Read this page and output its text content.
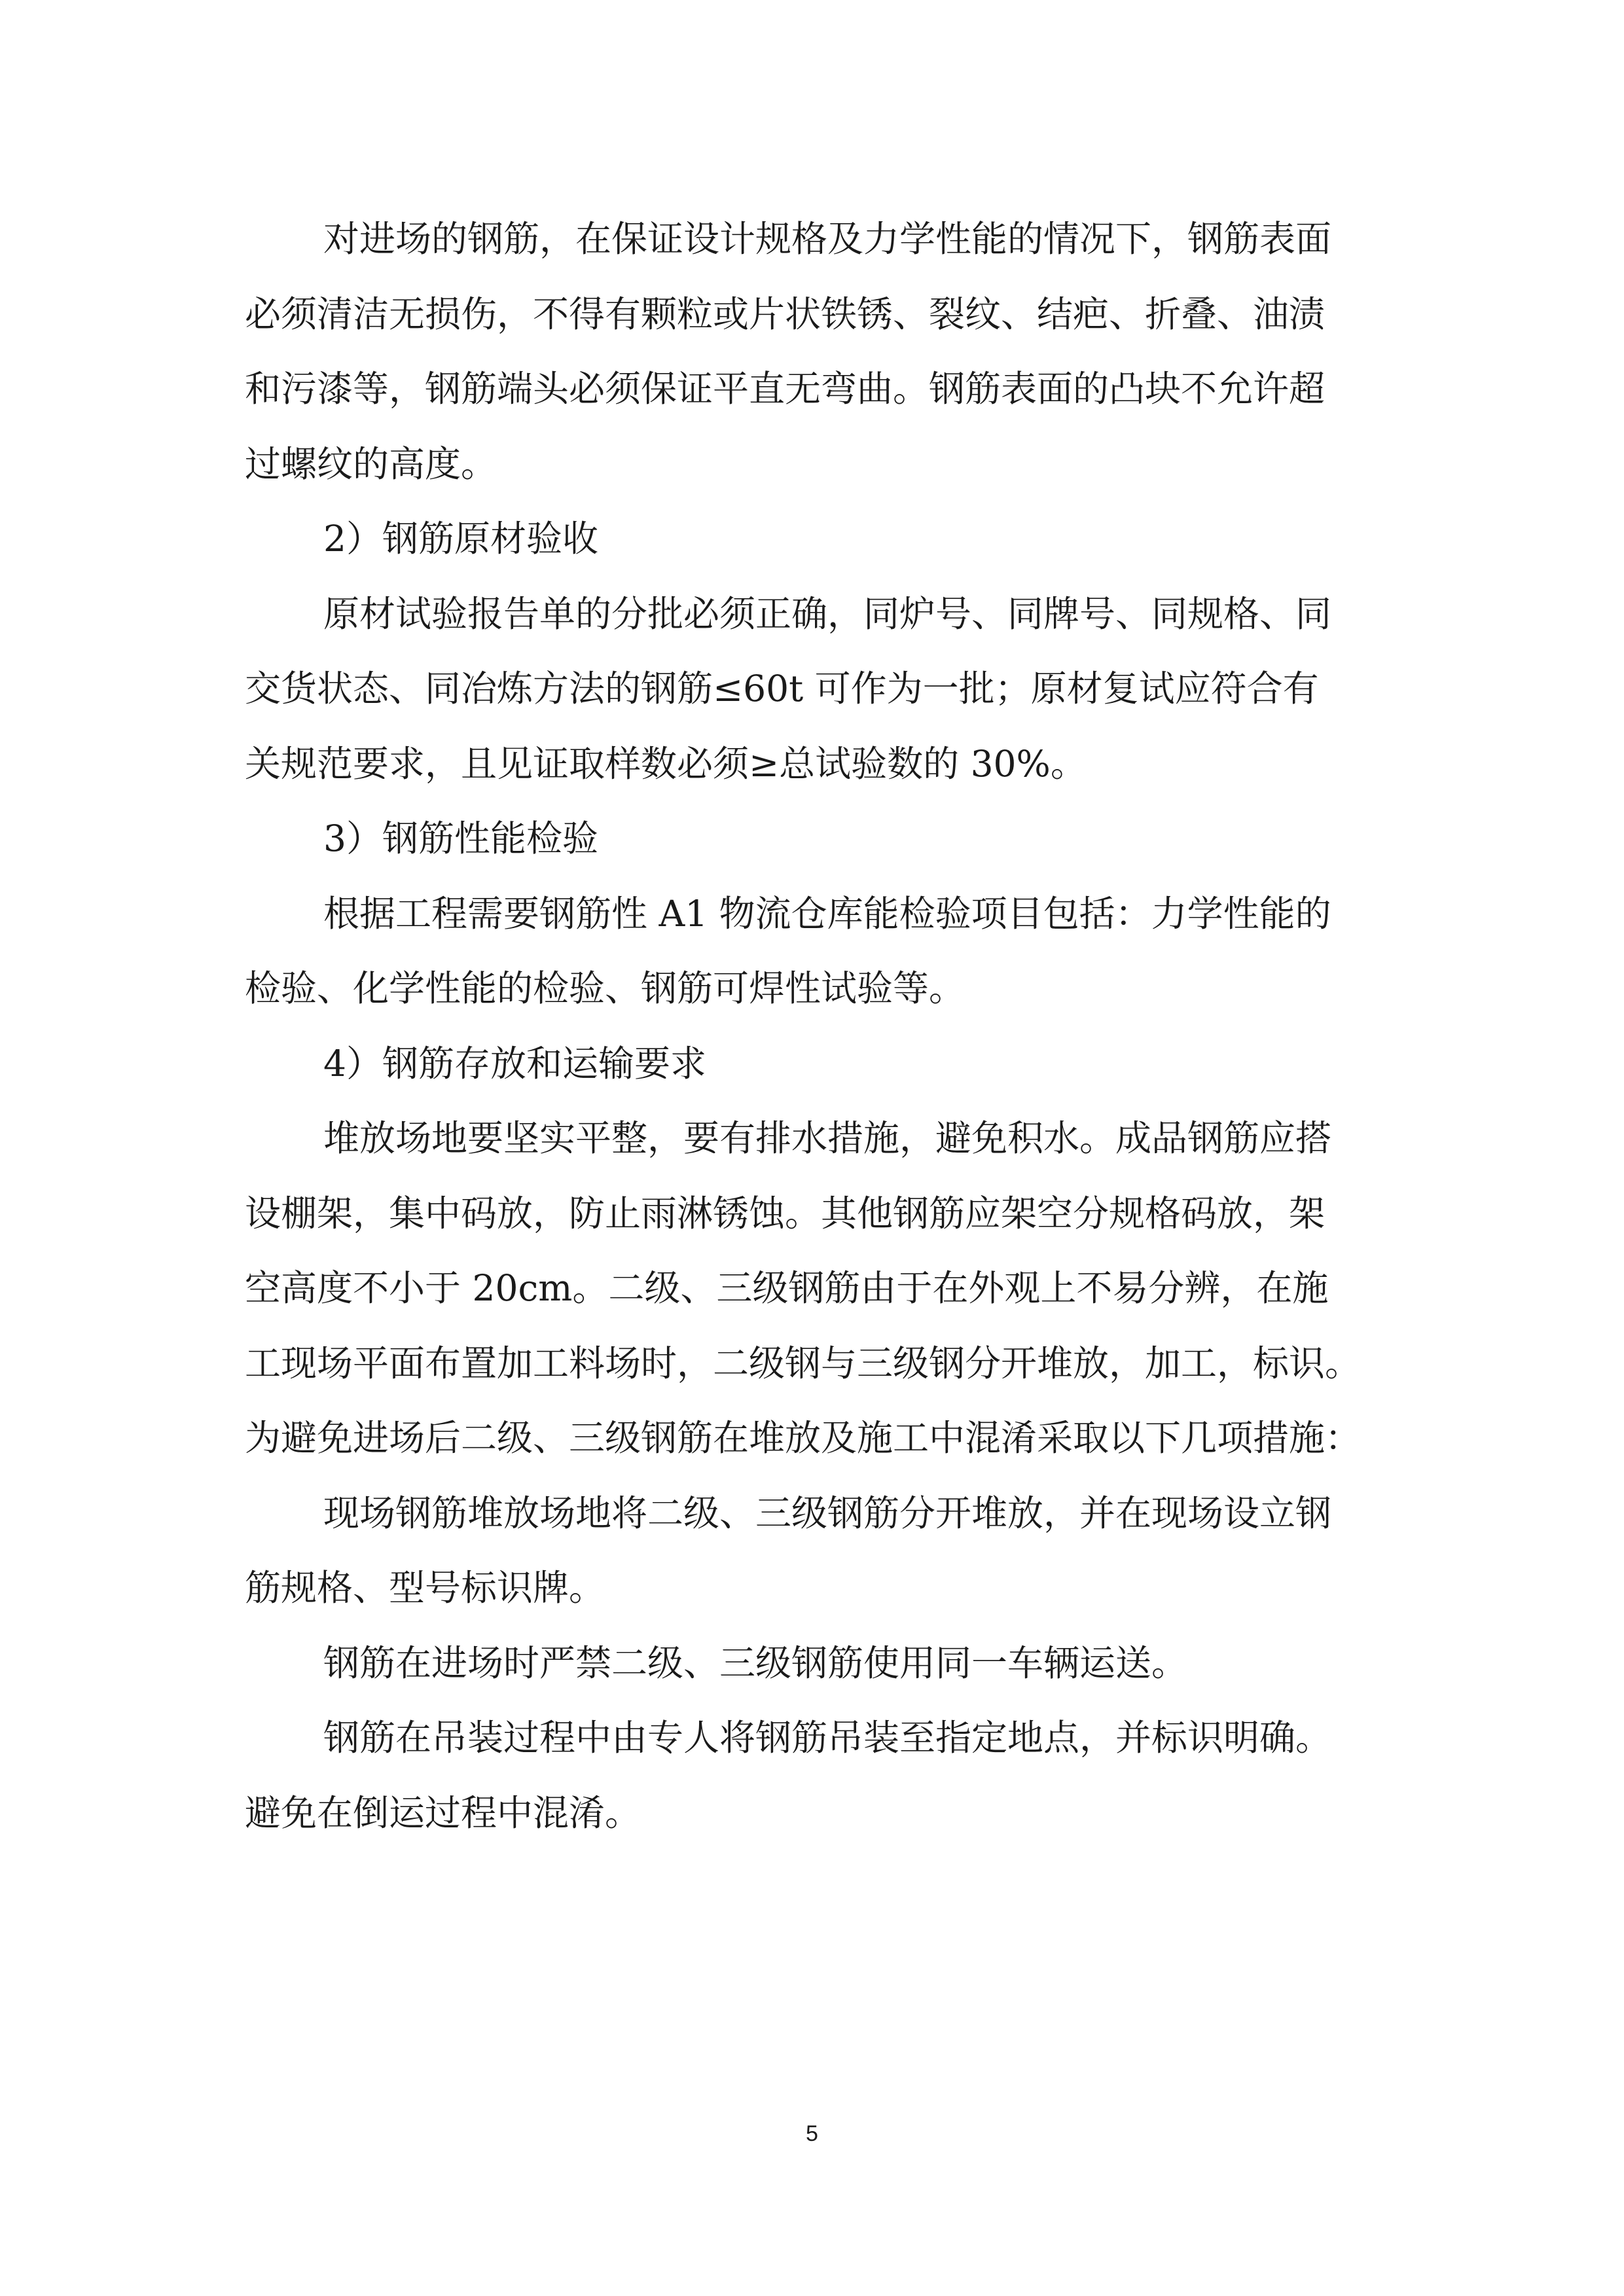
对进场的钢筋，在保证设计规格及力学性能的情况下，钢筋表面
必须清洁无损伤，不得有颗粒或片状铁锈、裂纹、结疤、折叠、油渍
和污漆等，钢筋端头必须保证平直无弯曲。钢筋表面的凸块不允许超
过螺纹的高度。
2）钢筋原材验收
原材试验报告单的分批必须正确，同炉号、同牌号、同规格、同
交货状态、同冶炼方法的钢筋≤60t 可作为一批；原材复试应符合有
关规范要求，且见证取样数必须≥总试验数的 30%。
3）钢筋性能检验
根据工程需要钢筋性 A1 物流仓库能检验项目包括：力学性能的
检验、化学性能的检验、钢筋可焊性试验等。
4）钢筋存放和运输要求
堆放场地要坚实平整，要有排水措施，避免积水。成品钢筋应搭
设棚架，集中码放，防止雨淋锈蚀。其他钢筋应架空分规格码放，架
空高度不小于 20cm。二级、三级钢筋由于在外观上不易分辨，在施
工现场平面布置加工料场时，二级钢与三级钢分开堆放，加工，标识。
为避免进场后二级、三级钢筋在堆放及施工中混淆采取以下几项措施：
现场钢筋堆放场地将二级、三级钢筋分开堆放，并在现场设立钢
筋规格、型号标识牌。
钢筋在进场时严禁二级、三级钢筋使用同一车辆运送。
钢筋在吊装过程中由专人将钢筋吊装至指定地点，并标识明确。
避免在倒运过程中混淆。
5
